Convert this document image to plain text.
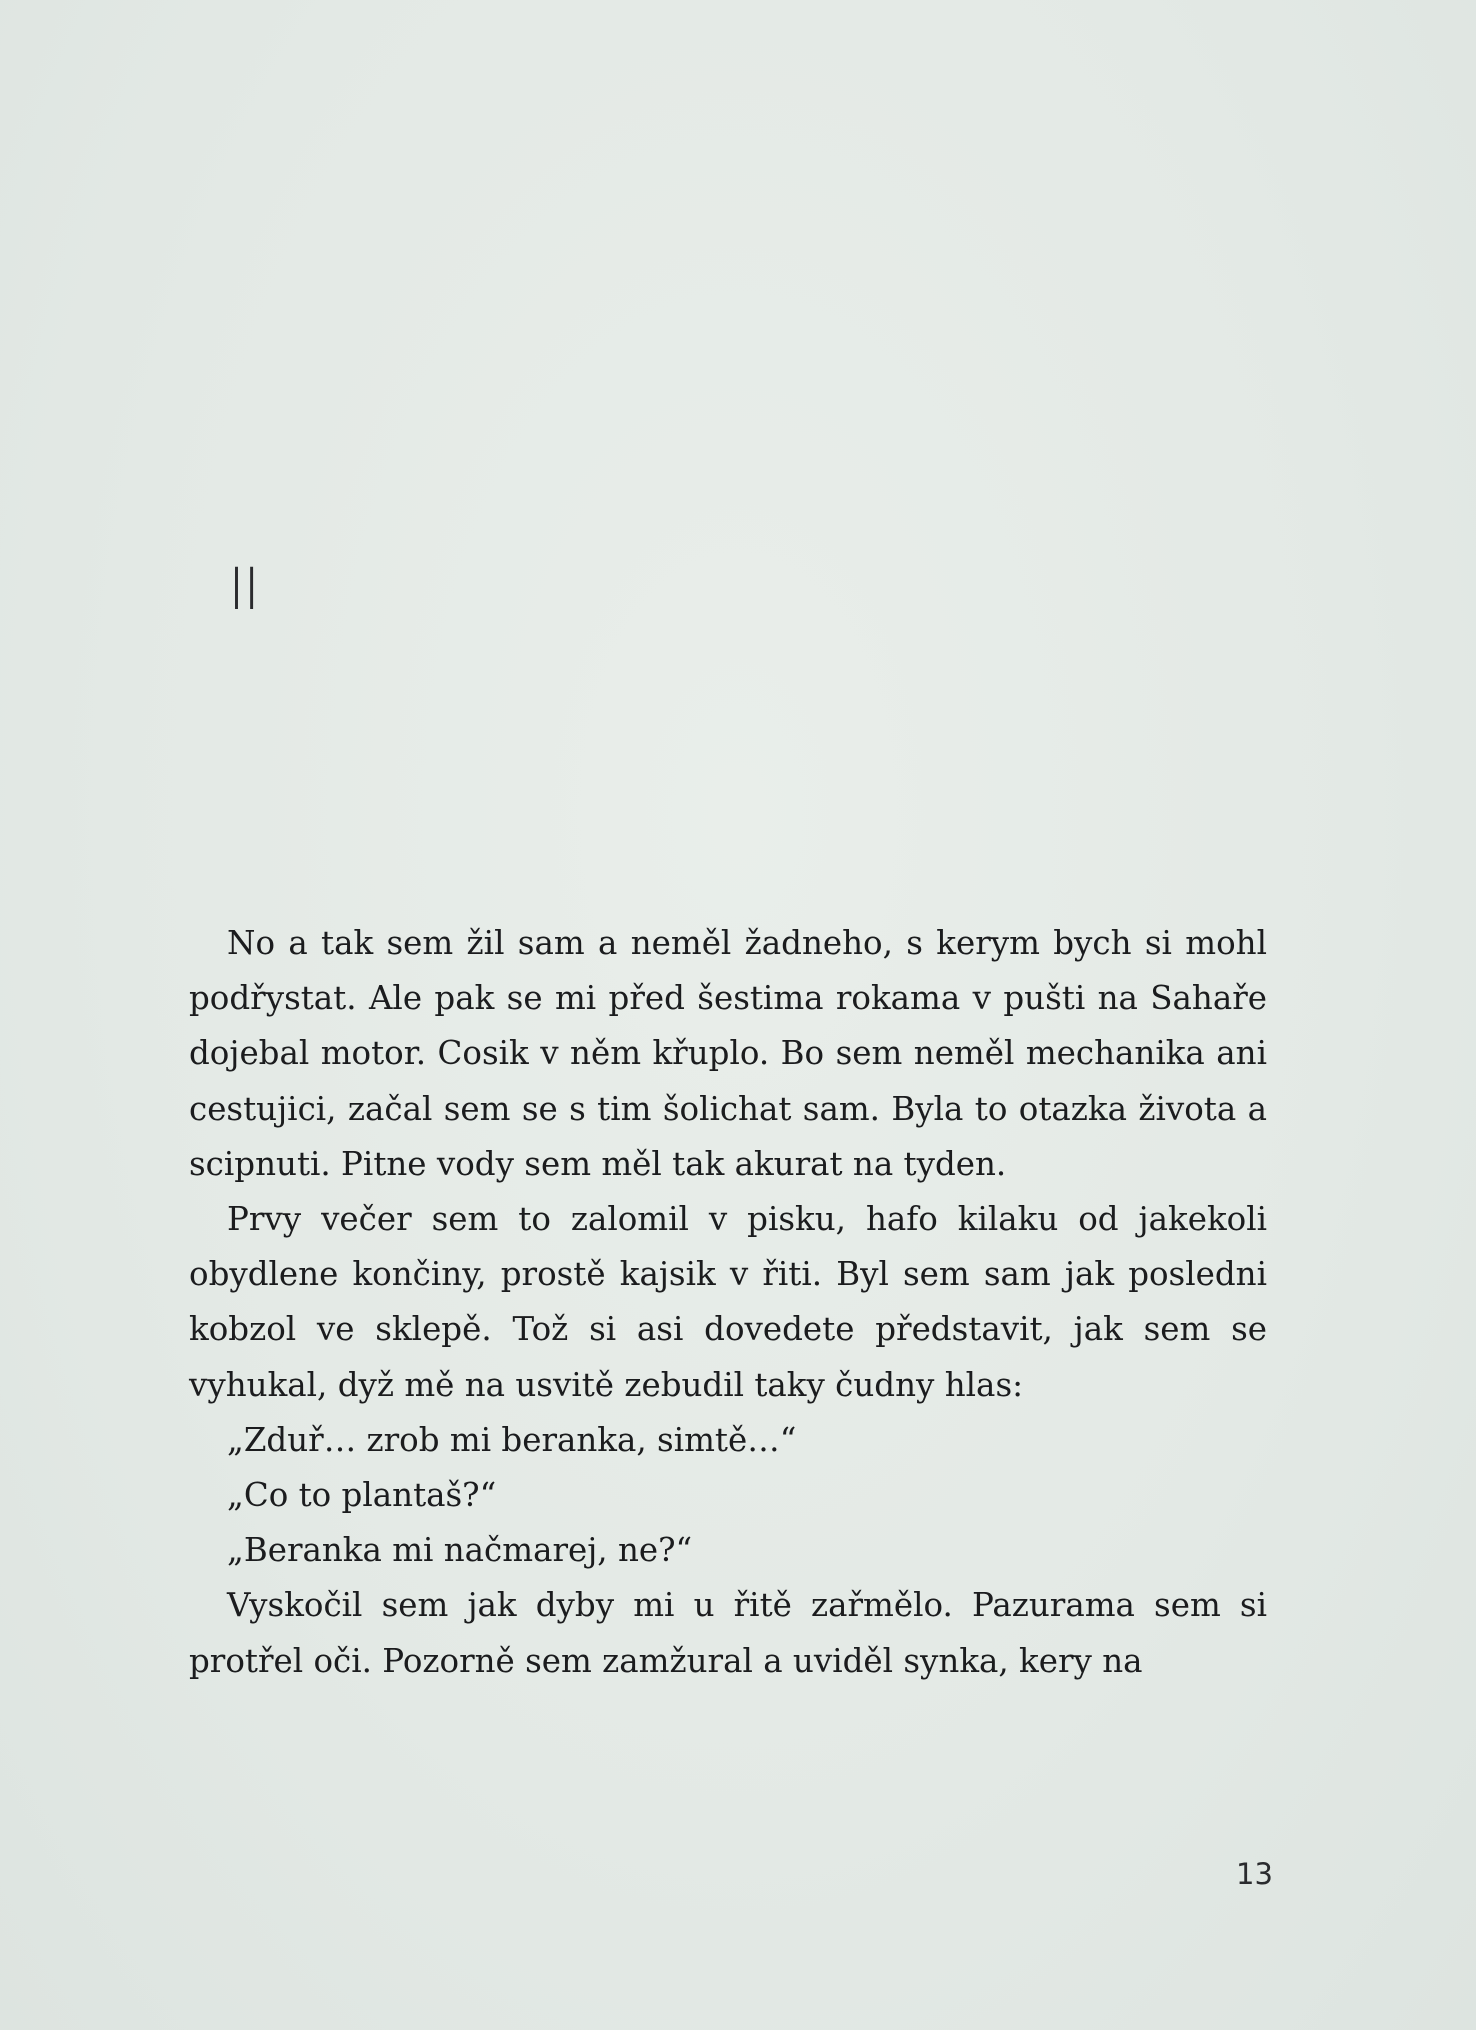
II

No a tak sem žil sam a neměl žadneho, s kerym bych si mohl podřystat. Ale pak se mi před šestima rokama v pušti na Sahaře dojebal motor. Cosik v něm křuplo. Bo sem neměl mechanika ani cestujici, začal sem se s tim šolichat sam. Byla to otazka života a scipnuti. Pitne vody sem měl tak akurat na tyden.

Prvy večer sem to zalomil v pisku, hafo kilaku od jakekoli obydlene končiny, prostě kajsik v řiti. Byl sem sam jak posledni kobzol ve sklepě. Tož si asi dovedete představit, jak sem se vyhukal, dyž mě na usvitě zebudil taky čudny hlas:

„Zduř… zrob mi beranka, simtě…“

„Co to plantaš?“

„Beranka mi načmarej, ne?“

Vyskočil sem jak dyby mi u řitě zařmělo. Pazurama sem si protřel oči. Pozorně sem zamžural a uviděl synka, kery na

13
